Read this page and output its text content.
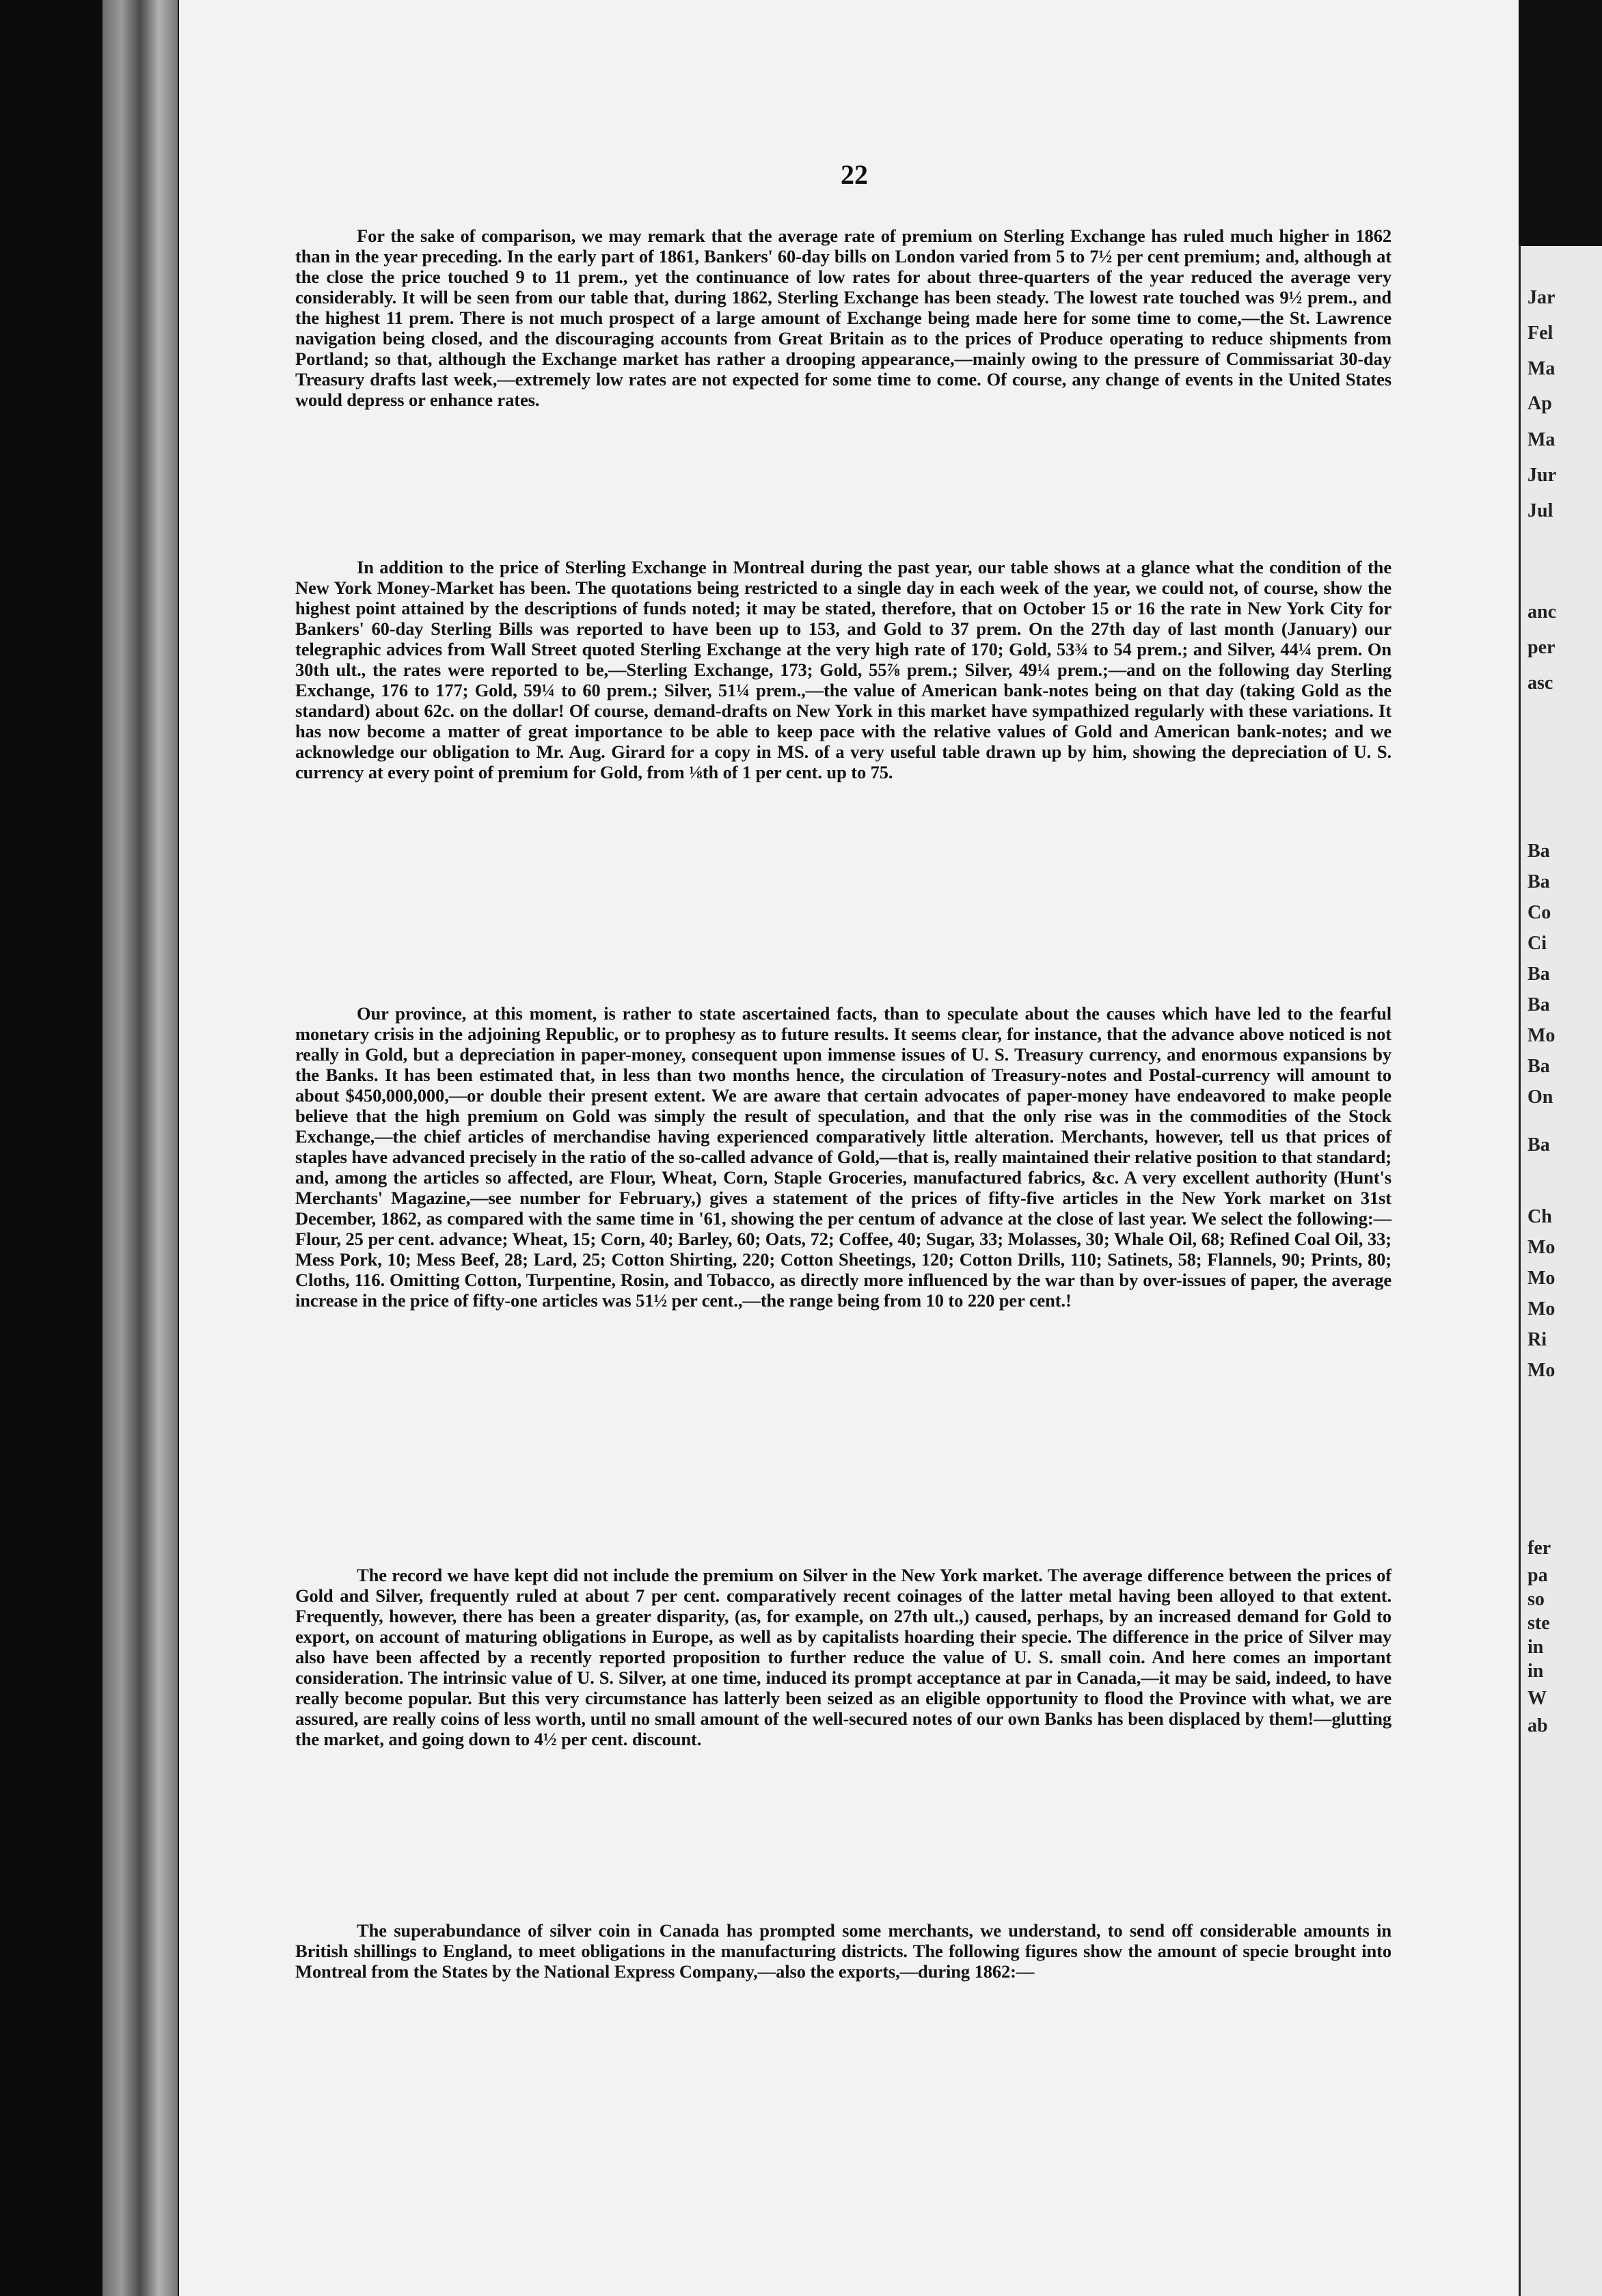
Jar
Fel
Ma
Ap
Ma
Jur
Jul
anc
per
asc
Ba
Ba
Co
Ci
Ba
Ba
Mo
Ba
On
Ba
Ch
Mo
Mo
Mo
Ri
Mo
fer
pa
so
ste
in
in
W
ab
22

For the sake of comparison, we may remark that the average rate of premium on Sterling Exchange has ruled much higher in 1862 than in the year preceding. In the early part of 1861, Bankers' 60-day bills on London varied from 5 to 7½ per cent premium; and, although at the close the price touched 9 to 11 prem., yet the continuance of low rates for about three-quarters of the year reduced the average very considerably. It will be seen from our table that, during 1862, Sterling Exchange has been steady. The lowest rate touched was 9½ prem., and the highest 11 prem. There is not much prospect of a large amount of Exchange being made here for some time to come,—the St. Lawrence navigation being closed, and the discouraging accounts from Great Britain as to the prices of Produce operating to reduce shipments from Portland; so that, although the Exchange market has rather a drooping appearance,—mainly owing to the pressure of Commissariat 30-day Treasury drafts last week,—extremely low rates are not expected for some time to come. Of course, any change of events in the United States would depress or enhance rates.

In addition to the price of Sterling Exchange in Montreal during the past year, our table shows at a glance what the condition of the New York Money-Market has been. The quotations being restricted to a single day in each week of the year, we could not, of course, show the highest point attained by the descriptions of funds noted; it may be stated, therefore, that on October 15 or 16 the rate in New York City for Bankers' 60-day Sterling Bills was reported to have been up to 153, and Gold to 37 prem. On the 27th day of last month (January) our telegraphic advices from Wall Street quoted Sterling Exchange at the very high rate of 170; Gold, 53¾ to 54 prem.; and Silver, 44¼ prem. On 30th ult., the rates were reported to be,—Sterling Exchange, 173; Gold, 55⅞ prem.; Silver, 49¼ prem.;—and on the following day Sterling Exchange, 176 to 177; Gold, 59¼ to 60 prem.; Silver, 51¼ prem.,—the value of American bank-notes being on that day (taking Gold as the standard) about 62c. on the dollar! Of course, demand-drafts on New York in this market have sympathized regularly with these variations. It has now become a matter of great importance to be able to keep pace with the relative values of Gold and American bank-notes; and we acknowledge our obligation to Mr. Aug. Girard for a copy in MS. of a very useful table drawn up by him, showing the depreciation of U. S. currency at every point of premium for Gold, from ⅛th of 1 per cent. up to 75.

Our province, at this moment, is rather to state ascertained facts, than to speculate about the causes which have led to the fearful monetary crisis in the adjoining Republic, or to prophesy as to future results. It seems clear, for instance, that the advance above noticed is not really in Gold, but a depreciation in paper-money, consequent upon immense issues of U. S. Treasury currency, and enormous expansions by the Banks. It has been estimated that, in less than two months hence, the circulation of Treasury-notes and Postal-currency will amount to about $450,000,000,—or double their present extent. We are aware that certain advocates of paper-money have endeavored to make people believe that the high premium on Gold was simply the result of speculation, and that the only rise was in the commodities of the Stock Exchange,—the chief articles of merchandise having experienced comparatively little alteration. Merchants, however, tell us that prices of staples have advanced precisely in the ratio of the so-called advance of Gold,—that is, really maintained their relative position to that standard; and, among the articles so affected, are Flour, Wheat, Corn, Staple Groceries, manufactured fabrics, &c. A very excellent authority (Hunt's Merchants' Magazine,—see number for February,) gives a statement of the prices of fifty-five articles in the New York market on 31st December, 1862, as compared with the same time in '61, showing the per centum of advance at the close of last year. We select the following:—Flour, 25 per cent. advance; Wheat, 15; Corn, 40; Barley, 60; Oats, 72; Coffee, 40; Sugar, 33; Molasses, 30; Whale Oil, 68; Refined Coal Oil, 33; Mess Pork, 10; Mess Beef, 28; Lard, 25; Cotton Shirting, 220; Cotton Sheetings, 120; Cotton Drills, 110; Satinets, 58; Flannels, 90; Prints, 80; Cloths, 116. Omitting Cotton, Turpentine, Rosin, and Tobacco, as directly more influenced by the war than by over-issues of paper, the average increase in the price of fifty-one articles was 51½ per cent.,—the range being from 10 to 220 per cent.!

The record we have kept did not include the premium on Silver in the New York market. The average difference between the prices of Gold and Silver, frequently ruled at about 7 per cent. comparatively recent coinages of the latter metal having been alloyed to that extent. Frequently, however, there has been a greater disparity, (as, for example, on 27th ult.,) caused, perhaps, by an increased demand for Gold to export, on account of maturing obligations in Europe, as well as by capitalists hoarding their specie. The difference in the price of Silver may also have been affected by a recently reported proposition to further reduce the value of U. S. small coin. And here comes an important consideration. The intrinsic value of U. S. Silver, at one time, induced its prompt acceptance at par in Canada,—it may be said, indeed, to have really become popular. But this very circumstance has latterly been seized as an eligible opportunity to flood the Province with what, we are assured, are really coins of less worth, until no small amount of the well-secured notes of our own Banks has been displaced by them!—glutting the market, and going down to 4½ per cent. discount.

The superabundance of silver coin in Canada has prompted some merchants, we understand, to send off considerable amounts in British shillings to England, to meet obligations in the manufacturing districts. The following figures show the amount of specie brought into Montreal from the States by the National Express Company,—also the exports,—during 1862:—
